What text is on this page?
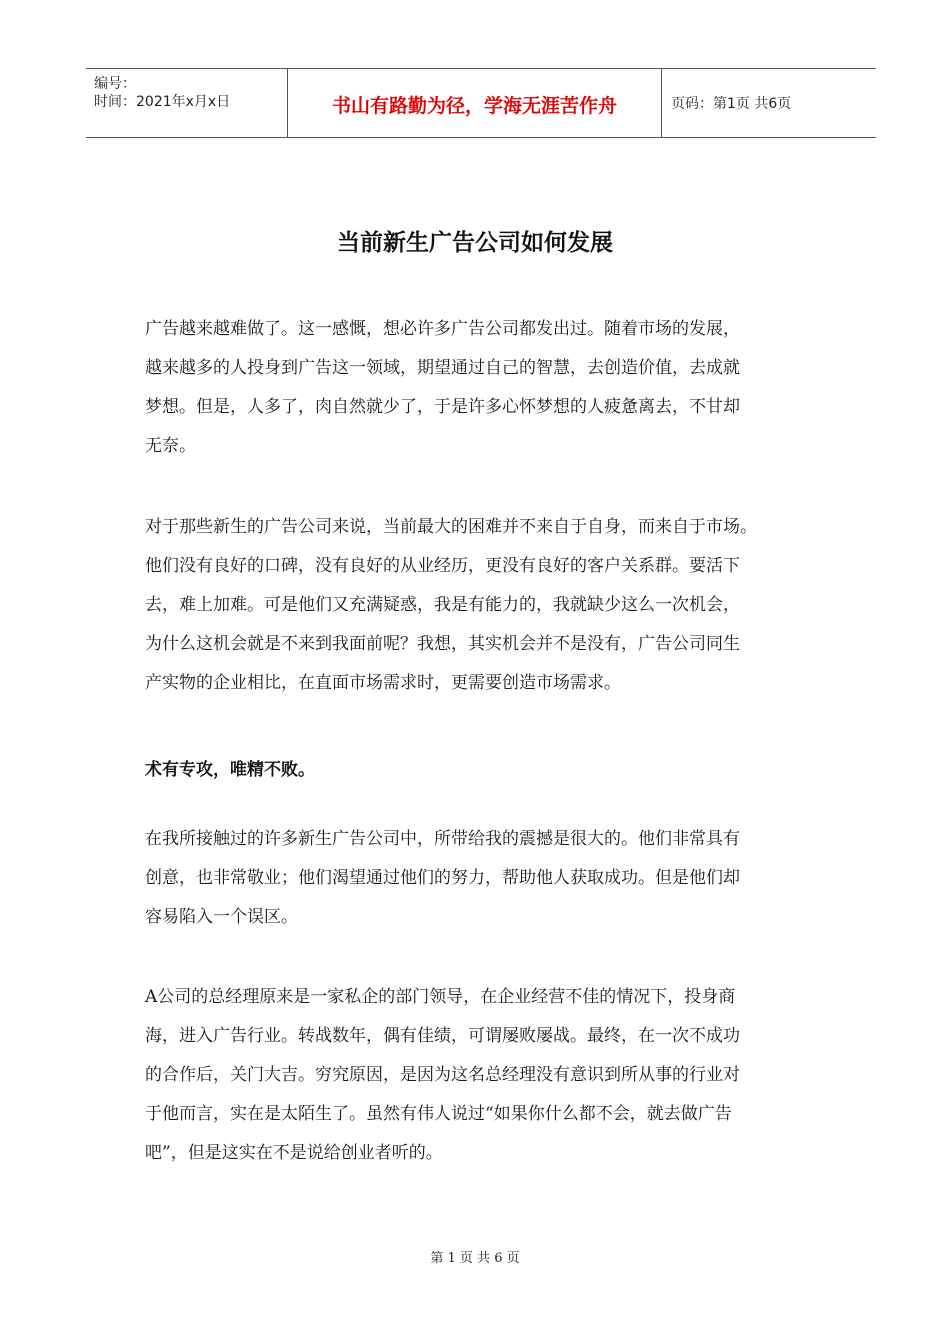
编号：
时间：2021年x月x日	书山有路勤为径，学海无涯苦作舟	页码：第1页 共6页
当前新生广告公司如何发展
广告越来越难做了。这一感慨，想必许多广告公司都发出过。随着市场的发展，
越来越多的人投身到广告这一领域，期望通过自己的智慧，去创造价值，去成就
梦想。但是，人多了，肉自然就少了，于是许多心怀梦想的人疲惫离去，不甘却
无奈。
对于那些新生的广告公司来说，当前最大的困难并不来自于自身，而来自于市场。
他们没有良好的口碑，没有良好的从业经历，更没有良好的客户关系群。要活下
去，难上加难。可是他们又充满疑惑，我是有能力的，我就缺少这么一次机会，
为什么这机会就是不来到我面前呢？我想，其实机会并不是没有，广告公司同生
产实物的企业相比，在直面市场需求时，更需要创造市场需求。
术有专攻，唯精不败。
在我所接触过的许多新生广告公司中，所带给我的震撼是很大的。他们非常具有
创意，也非常敬业；他们渴望通过他们的努力，帮助他人获取成功。但是他们却
容易陷入一个误区。
A公司的总经理原来是一家私企的部门领导，在企业经营不佳的情况下，投身商
海，进入广告行业。转战数年，偶有佳绩，可谓屡败屡战。最终，在一次不成功
的合作后，关门大吉。穷究原因，是因为这名总经理没有意识到所从事的行业对
于他而言，实在是太陌生了。虽然有伟人说过“如果你什么都不会，就去做广告
吧”，但是这实在不是说给创业者听的。
第 1 页 共 6 页
